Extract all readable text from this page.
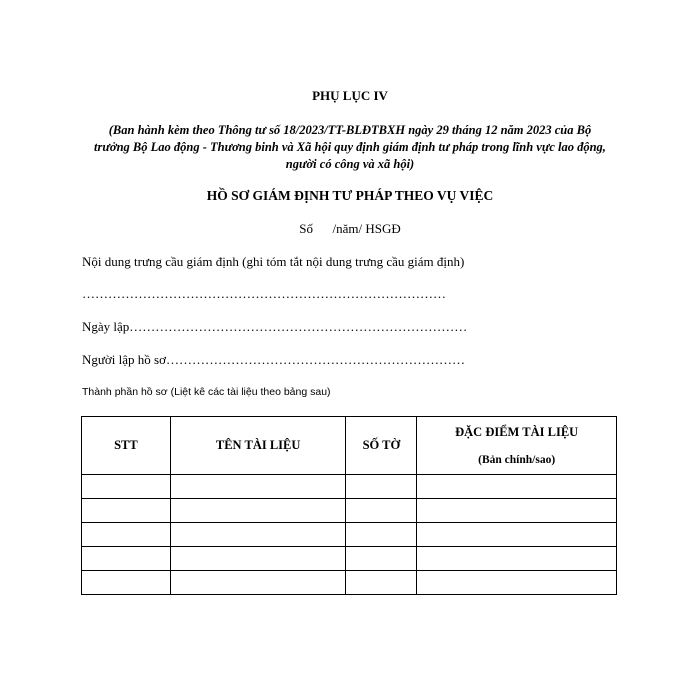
PHỤ LỤC IV
(Ban hành kèm theo Thông tư số 18/2023/TT-BLĐTBXH ngày 29 tháng 12 năm 2023 của Bộ trưởng Bộ Lao động - Thương binh và Xã hội quy định giám định tư pháp trong lĩnh vực lao động, người có công và xã hội)
HỒ SƠ GIÁM ĐỊNH TƯ PHÁP THEO VỤ VIỆC
Số      /năm/ HSGĐ
Nội dung trưng cầu giám định (ghi tóm tắt nội dung trưng cầu giám định)
…………………………………………………………………………
Ngày lập……………………………………………………………………
Người lập hồ sơ……………………………………………………………
Thành phần hồ sơ (Liệt kê các tài liệu theo bảng sau)
STT	TÊN TÀI LIỆU	SỐ TỜ	ĐẶC ĐIỂM TÀI LIỆU
(Bản chính/sao)
